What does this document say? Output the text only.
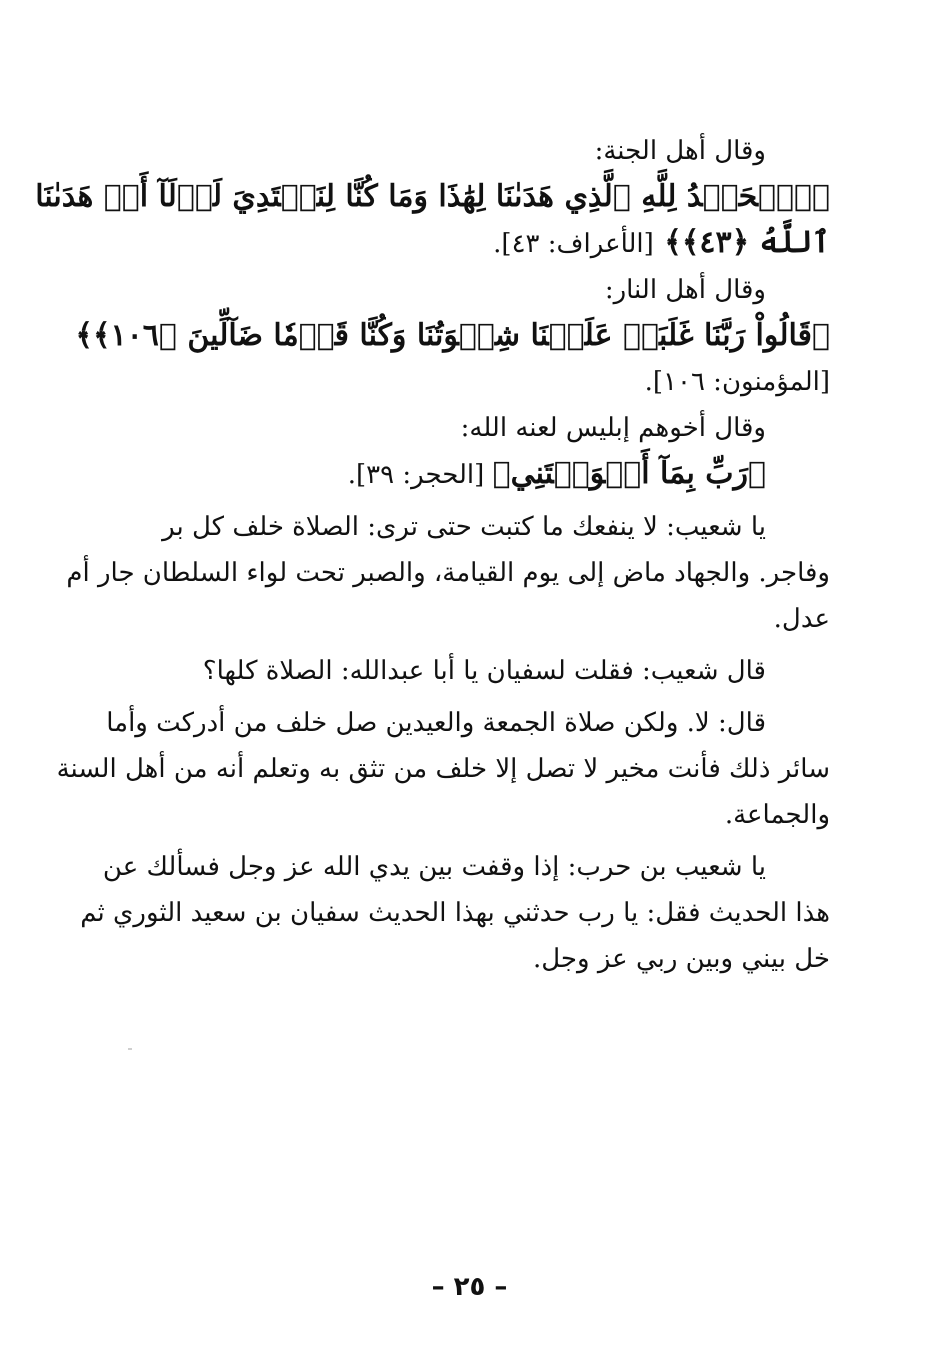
وقال أهل الجنة:
﴿ٱلۡحَمۡدُ لِلَّهِ ٱلَّذِي هَدَىٰنَا لِهَٰذَا وَمَا كُنَّا لِنَهۡتَدِيَ لَوۡلَآ أَنۡ هَدَىٰنَا
ٱللَّهُ ﴿٤٣﴾﴾ [الأعراف: ٤٣].
وقال أهل النار:
﴿قَالُواْ رَبَّنَا غَلَبَتۡ عَلَيۡنَا شِقۡوَتُنَا وَكُنَّا قَوۡمٗا ضَآلِّينَ ﴿١٠٦﴾﴾
[المؤمنون: ١٠٦].
وقال أخوهم إبليس لعنه الله:
﴿رَبِّ بِمَآ أَغۡوَيۡتَنِي﴾ [الحجر: ٣٩].
يا شعيب: لا ينفعك ما كتبت حتى ترى: الصلاة خلف كل بر
وفاجر. والجهاد ماض إلى يوم القيامة، والصبر تحت لواء السلطان جار أم
عدل.
قال شعيب: فقلت لسفيان يا أبا عبدالله: الصلاة كلها؟
قال: لا. ولكن صلاة الجمعة والعيدين صل خلف من أدركت وأما
سائر ذلك فأنت مخير لا تصل إلا خلف من تثق به وتعلم أنه من أهل السنة
والجماعة.
يا شعيب بن حرب: إذا وقفت بين يدي الله عز وجل فسألك عن
هذا الحديث فقل: يا رب حدثني بهذا الحديث سفيان بن سعيد الثوري ثم
خل بيني وبين ربي عز وجل.
– ٢٥ –
